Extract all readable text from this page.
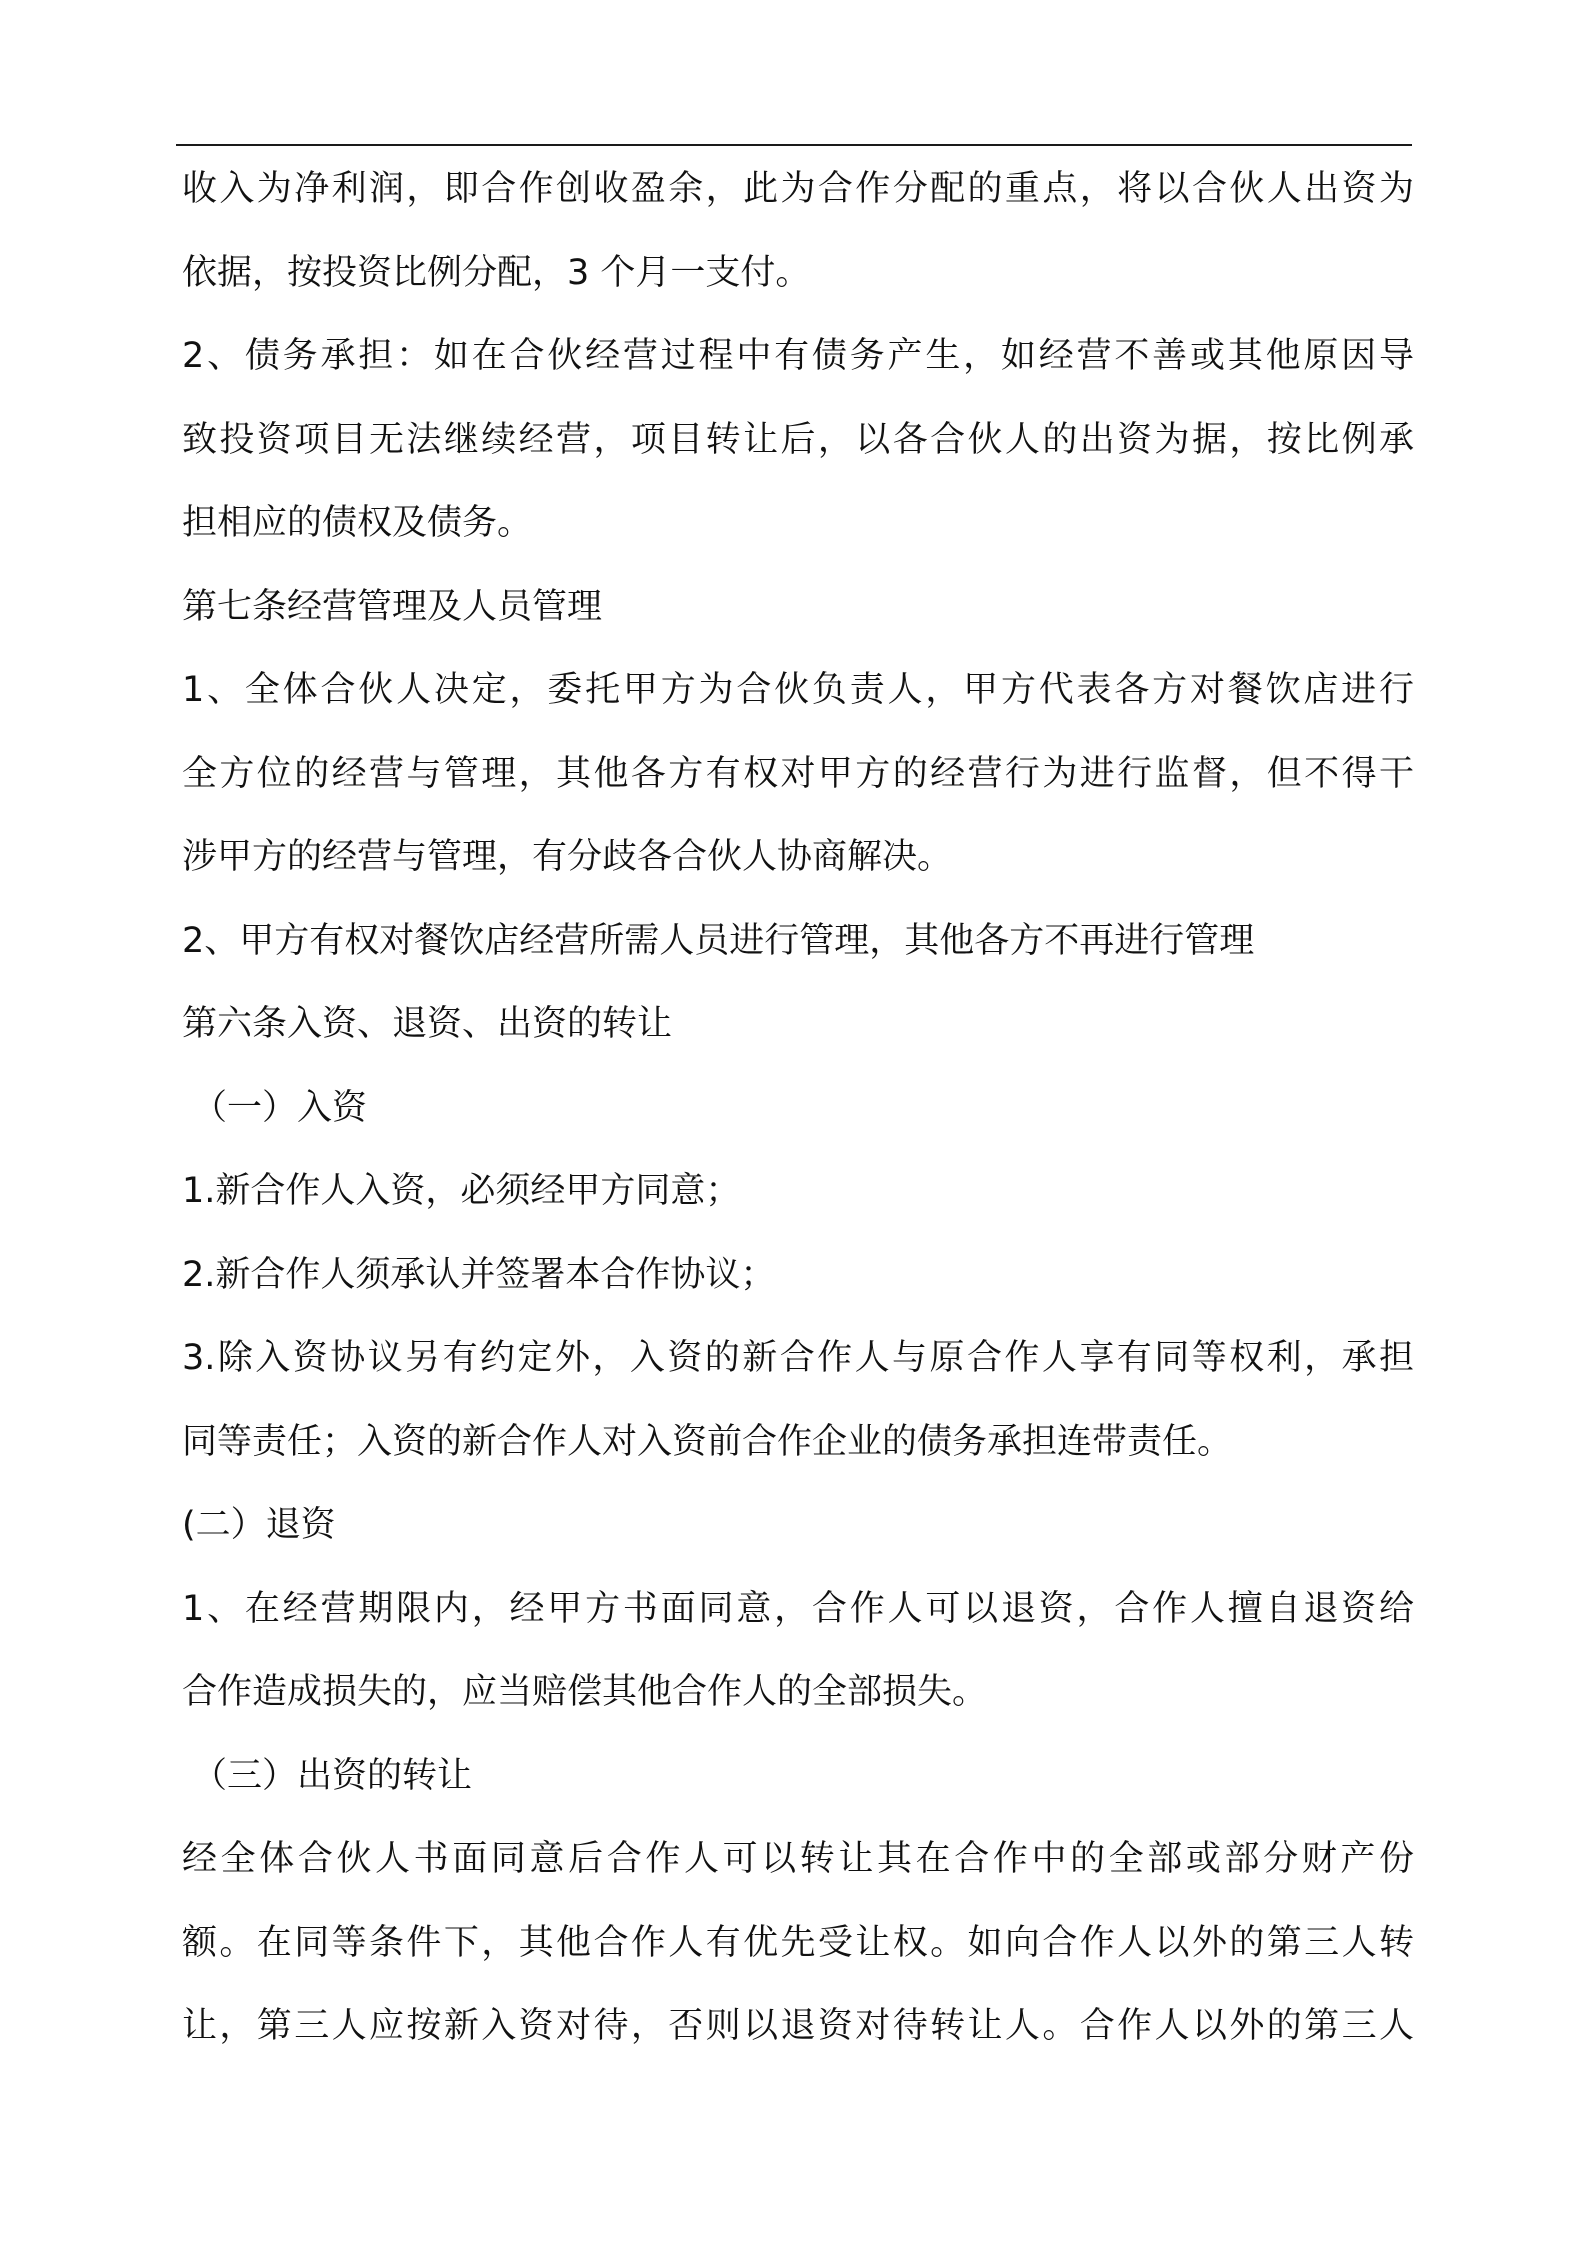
收入为净利润，即合作创收盈余，此为合作分配的重点，将以合伙人出资为
依据，按投资比例分配，3 个月一支付。
2、债务承担：如在合伙经营过程中有债务产生，如经营不善或其他原因导
致投资项目无法继续经营，项目转让后，以各合伙人的出资为据，按比例承
担相应的债权及债务。
第七条经营管理及人员管理
1、全体合伙人决定，委托甲方为合伙负责人，甲方代表各方对餐饮店进行
全方位的经营与管理，其他各方有权对甲方的经营行为进行监督，但不得干
涉甲方的经营与管理，有分歧各合伙人协商解决。
2、甲方有权对餐饮店经营所需人员进行管理，其他各方不再进行管理
第六条入资、退资、出资的转让
（一）入资
1.新合作人入资，必须经甲方同意；
2.新合作人须承认并签署本合作协议；
3.除入资协议另有约定外，入资的新合作人与原合作人享有同等权利，承担
同等责任；入资的新合作人对入资前合作企业的债务承担连带责任。
(二）退资
1、在经营期限内，经甲方书面同意，合作人可以退资，合作人擅自退资给
合作造成损失的，应当赔偿其他合作人的全部损失。
（三）出资的转让
经全体合伙人书面同意后合作人可以转让其在合作中的全部或部分财产份
额。在同等条件下，其他合作人有优先受让权。如向合作人以外的第三人转
让，第三人应按新入资对待，否则以退资对待转让人。合作人以外的第三人
